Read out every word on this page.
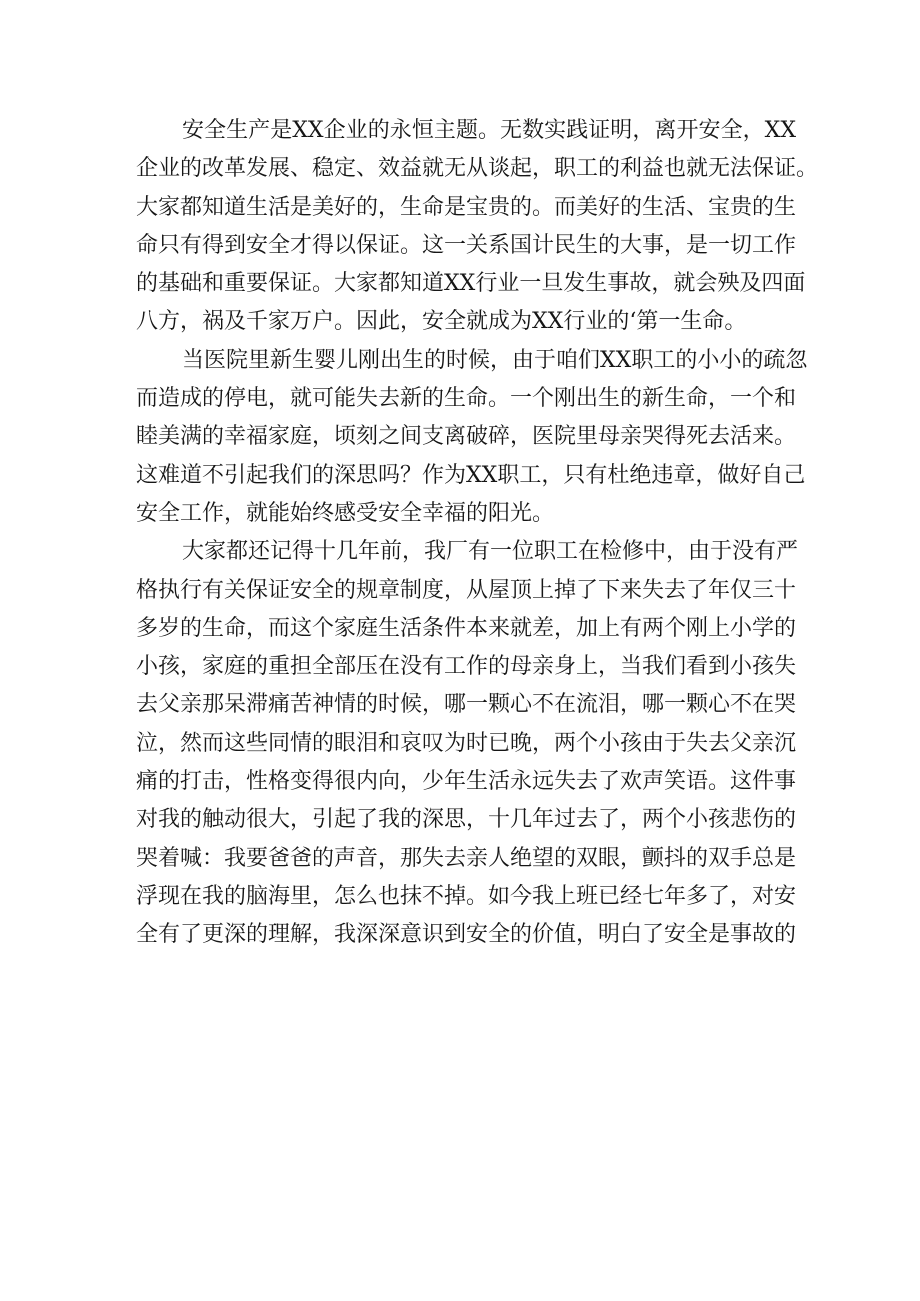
安全生产是XX企业的永恒主题。无数实践证明，离开安全，XX
企业的改革发展、稳定、效益就无从谈起，职工的利益也就无法保证。
大家都知道生活是美好的，生命是宝贵的。而美好的生活、宝贵的生
命只有得到安全才得以保证。这一关系国计民生的大事，是一切工作
的基础和重要保证。大家都知道XX行业一旦发生事故，就会殃及四面
八方，祸及千家万户。因此，安全就成为XX行业的‘第一生命。

当医院里新生婴儿刚出生的时候，由于咱们XX职工的小小的疏忽
而造成的停电，就可能失去新的生命。一个刚出生的新生命，一个和
睦美满的幸福家庭，顷刻之间支离破碎，医院里母亲哭得死去活来。
这难道不引起我们的深思吗？作为XX职工，只有杜绝违章，做好自己
安全工作，就能始终感受安全幸福的阳光。

大家都还记得十几年前，我厂有一位职工在检修中，由于没有严
格执行有关保证安全的规章制度，从屋顶上掉了下来失去了年仅三十
多岁的生命，而这个家庭生活条件本来就差，加上有两个刚上小学的
小孩，家庭的重担全部压在没有工作的母亲身上，当我们看到小孩失
去父亲那呆滞痛苦神情的时候，哪一颗心不在流泪，哪一颗心不在哭
泣，然而这些同情的眼泪和哀叹为时已晚，两个小孩由于失去父亲沉
痛的打击，性格变得很内向，少年生活永远失去了欢声笑语。这件事
对我的触动很大，引起了我的深思，十几年过去了，两个小孩悲伤的
哭着喊：我要爸爸的声音，那失去亲人绝望的双眼，颤抖的双手总是
浮现在我的脑海里，怎么也抹不掉。如今我上班已经七年多了，对安
全有了更深的理解，我深深意识到安全的价值，明白了安全是事故的
